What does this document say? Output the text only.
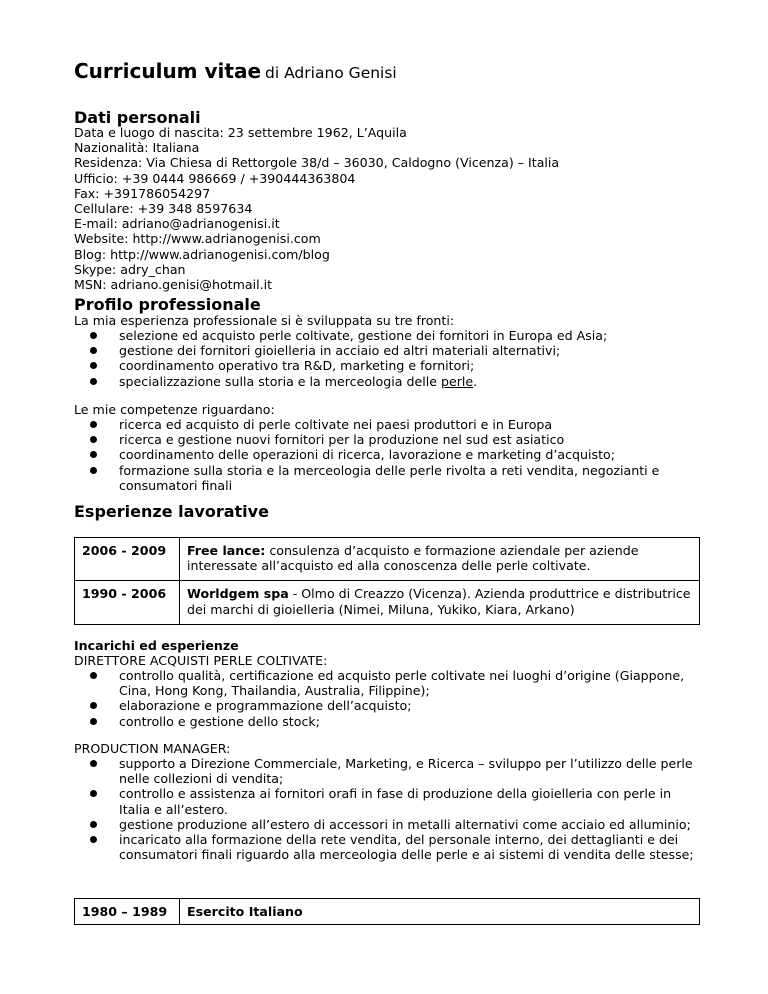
Curriculum vitae di Adriano Genisi
Dati personali
Data e luogo di nascita: 23 settembre 1962, L’Aquila
Nazionalità: Italiana
Residenza: Via Chiesa di Rettorgole 38/d – 36030, Caldogno (Vicenza) – Italia
Ufficio: +39 0444 986669 / +390444363804
Fax: +391786054297
Cellulare: +39 348 8597634
E-mail: adriano@adrianogenisi.it
Website: http://www.adrianogenisi.com
Blog: http://www.adrianogenisi.com/blog
Skype: adry_chan
MSN: adriano.genisi@hotmail.it
Profilo professionale
La mia esperienza professionale si è sviluppata su tre fronti:
selezione ed acquisto perle coltivate, gestione dei fornitori in Europa ed Asia;
gestione dei fornitori gioielleria in acciaio ed altri materiali alternativi;
coordinamento operativo tra R&D, marketing e fornitori;
specializzazione sulla storia e la merceologia delle perle.
Le mie competenze riguardano:
ricerca ed acquisto di perle coltivate nei paesi produttori e in Europa
ricerca e gestione nuovi fornitori per la produzione nel sud est asiatico
coordinamento delle operazioni di ricerca, lavorazione e marketing d’acquisto;
formazione sulla storia e la merceologia delle perle rivolta a reti vendita, negozianti e consumatori finali
Esperienze lavorative
2006 - 2009	Free lance: consulenza d’acquisto e formazione aziendale per aziende interessate all’acquisto ed alla conoscenza delle perle coltivate.
1990 - 2006	Worldgem spa - Olmo di Creazzo (Vicenza). Azienda produttrice e distributrice dei marchi di gioielleria (Nimei, Miluna, Yukiko, Kiara, Arkano)
Incarichi ed esperienze
DIRETTORE ACQUISTI PERLE COLTIVATE:
controllo qualità, certificazione ed acquisto perle coltivate nei luoghi d’origine (Giappone, Cina, Hong Kong, Thailandia, Australia, Filippine);
elaborazione e programmazione dell’acquisto;
controllo e gestione dello stock;
PRODUCTION MANAGER:
supporto a Direzione Commerciale, Marketing, e Ricerca – sviluppo per l’utilizzo delle perle nelle collezioni di vendita;
controllo e assistenza ai fornitori orafi in fase di produzione della gioielleria con perle in Italia e all’estero.
gestione produzione all’estero di accessori in metalli alternativi come acciaio ed alluminio;
incaricato alla formazione della rete vendita, del personale interno, dei dettaglianti e dei consumatori finali riguardo alla merceologia delle perle e ai sistemi di vendita delle stesse;
1980 – 1989	Esercito Italiano
